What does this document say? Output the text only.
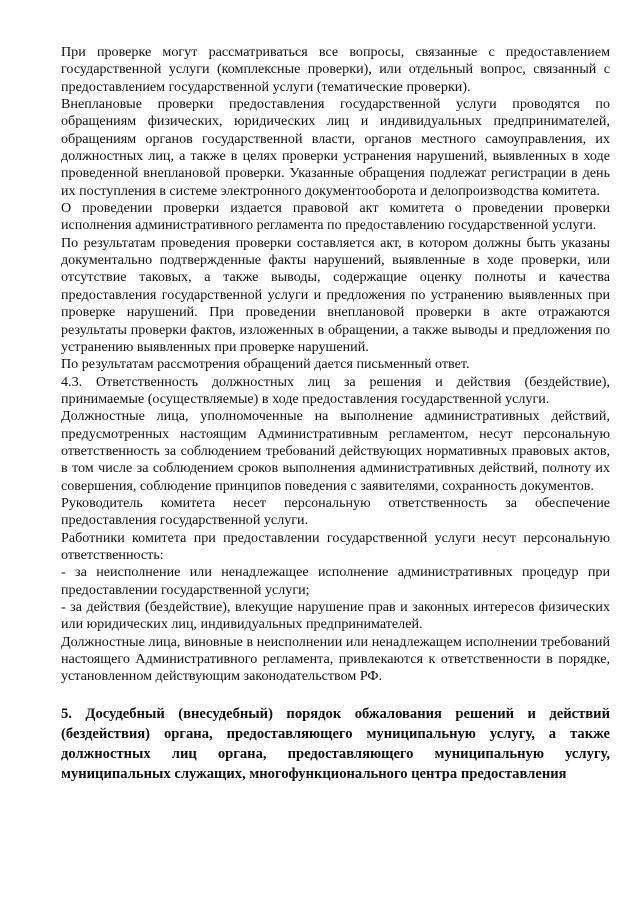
При проверке могут рассматриваться все вопросы, связанные с предоставлением государственной услуги (комплексные проверки), или отдельный вопрос, связанный с предоставлением государственной услуги (тематические проверки).

Внеплановые проверки предоставления государственной услуги проводятся по обращениям физических, юридических лиц и индивидуальных предпринимателей, обращениям органов государственной власти, органов местного самоуправления, их должностных лиц, а также в целях проверки устранения нарушений, выявленных в ходе проведенной внеплановой проверки. Указанные обращения подлежат регистрации в день их поступления в системе электронного документооборота и делопроизводства комитета.

О проведении проверки издается правовой акт комитета о проведении проверки исполнения административного регламента по предоставлению государственной услуги.

По результатам проведения проверки составляется акт, в котором должны быть указаны документально подтвержденные факты нарушений, выявленные в ходе проверки, или отсутствие таковых, а также выводы, содержащие оценку полноты и качества предоставления государственной услуги и предложения по устранению выявленных при проверке нарушений. При проведении внеплановой проверки в акте отражаются результаты проверки фактов, изложенных в обращении, а также выводы и предложения по устранению выявленных при проверке нарушений.

По результатам рассмотрения обращений дается письменный ответ.

4.3. Ответственность должностных лиц за решения и действия (бездействие), принимаемые (осуществляемые) в ходе предоставления государственной услуги.

Должностные лица, уполномоченные на выполнение административных действий, предусмотренных настоящим Административным регламентом, несут персональную ответственность за соблюдением требований действующих нормативных правовых актов, в том числе за соблюдением сроков выполнения административных действий, полноту их совершения, соблюдение принципов поведения с заявителями, сохранность документов.

Руководитель комитета несет персональную ответственность за обеспечение предоставления государственной услуги.

Работники комитета при предоставлении государственной услуги несут персональную ответственность:

- за неисполнение или ненадлежащее исполнение административных процедур при предоставлении государственной услуги;

- за действия (бездействие), влекущие нарушение прав и законных интересов физических или юридических лиц, индивидуальных предпринимателей.

Должностные лица, виновные в неисполнении или ненадлежащем исполнении требований настоящего Административного регламента, привлекаются к ответственности в порядке, установленном действующим законодательством РФ.

5. Досудебный (внесудебный) порядок обжалования решений и действий (бездействия) органа, предоставляющего муниципальную услугу, а также должностных лиц органа, предоставляющего муниципальную услугу, муниципальных служащих, многофункционального центра предоставления
